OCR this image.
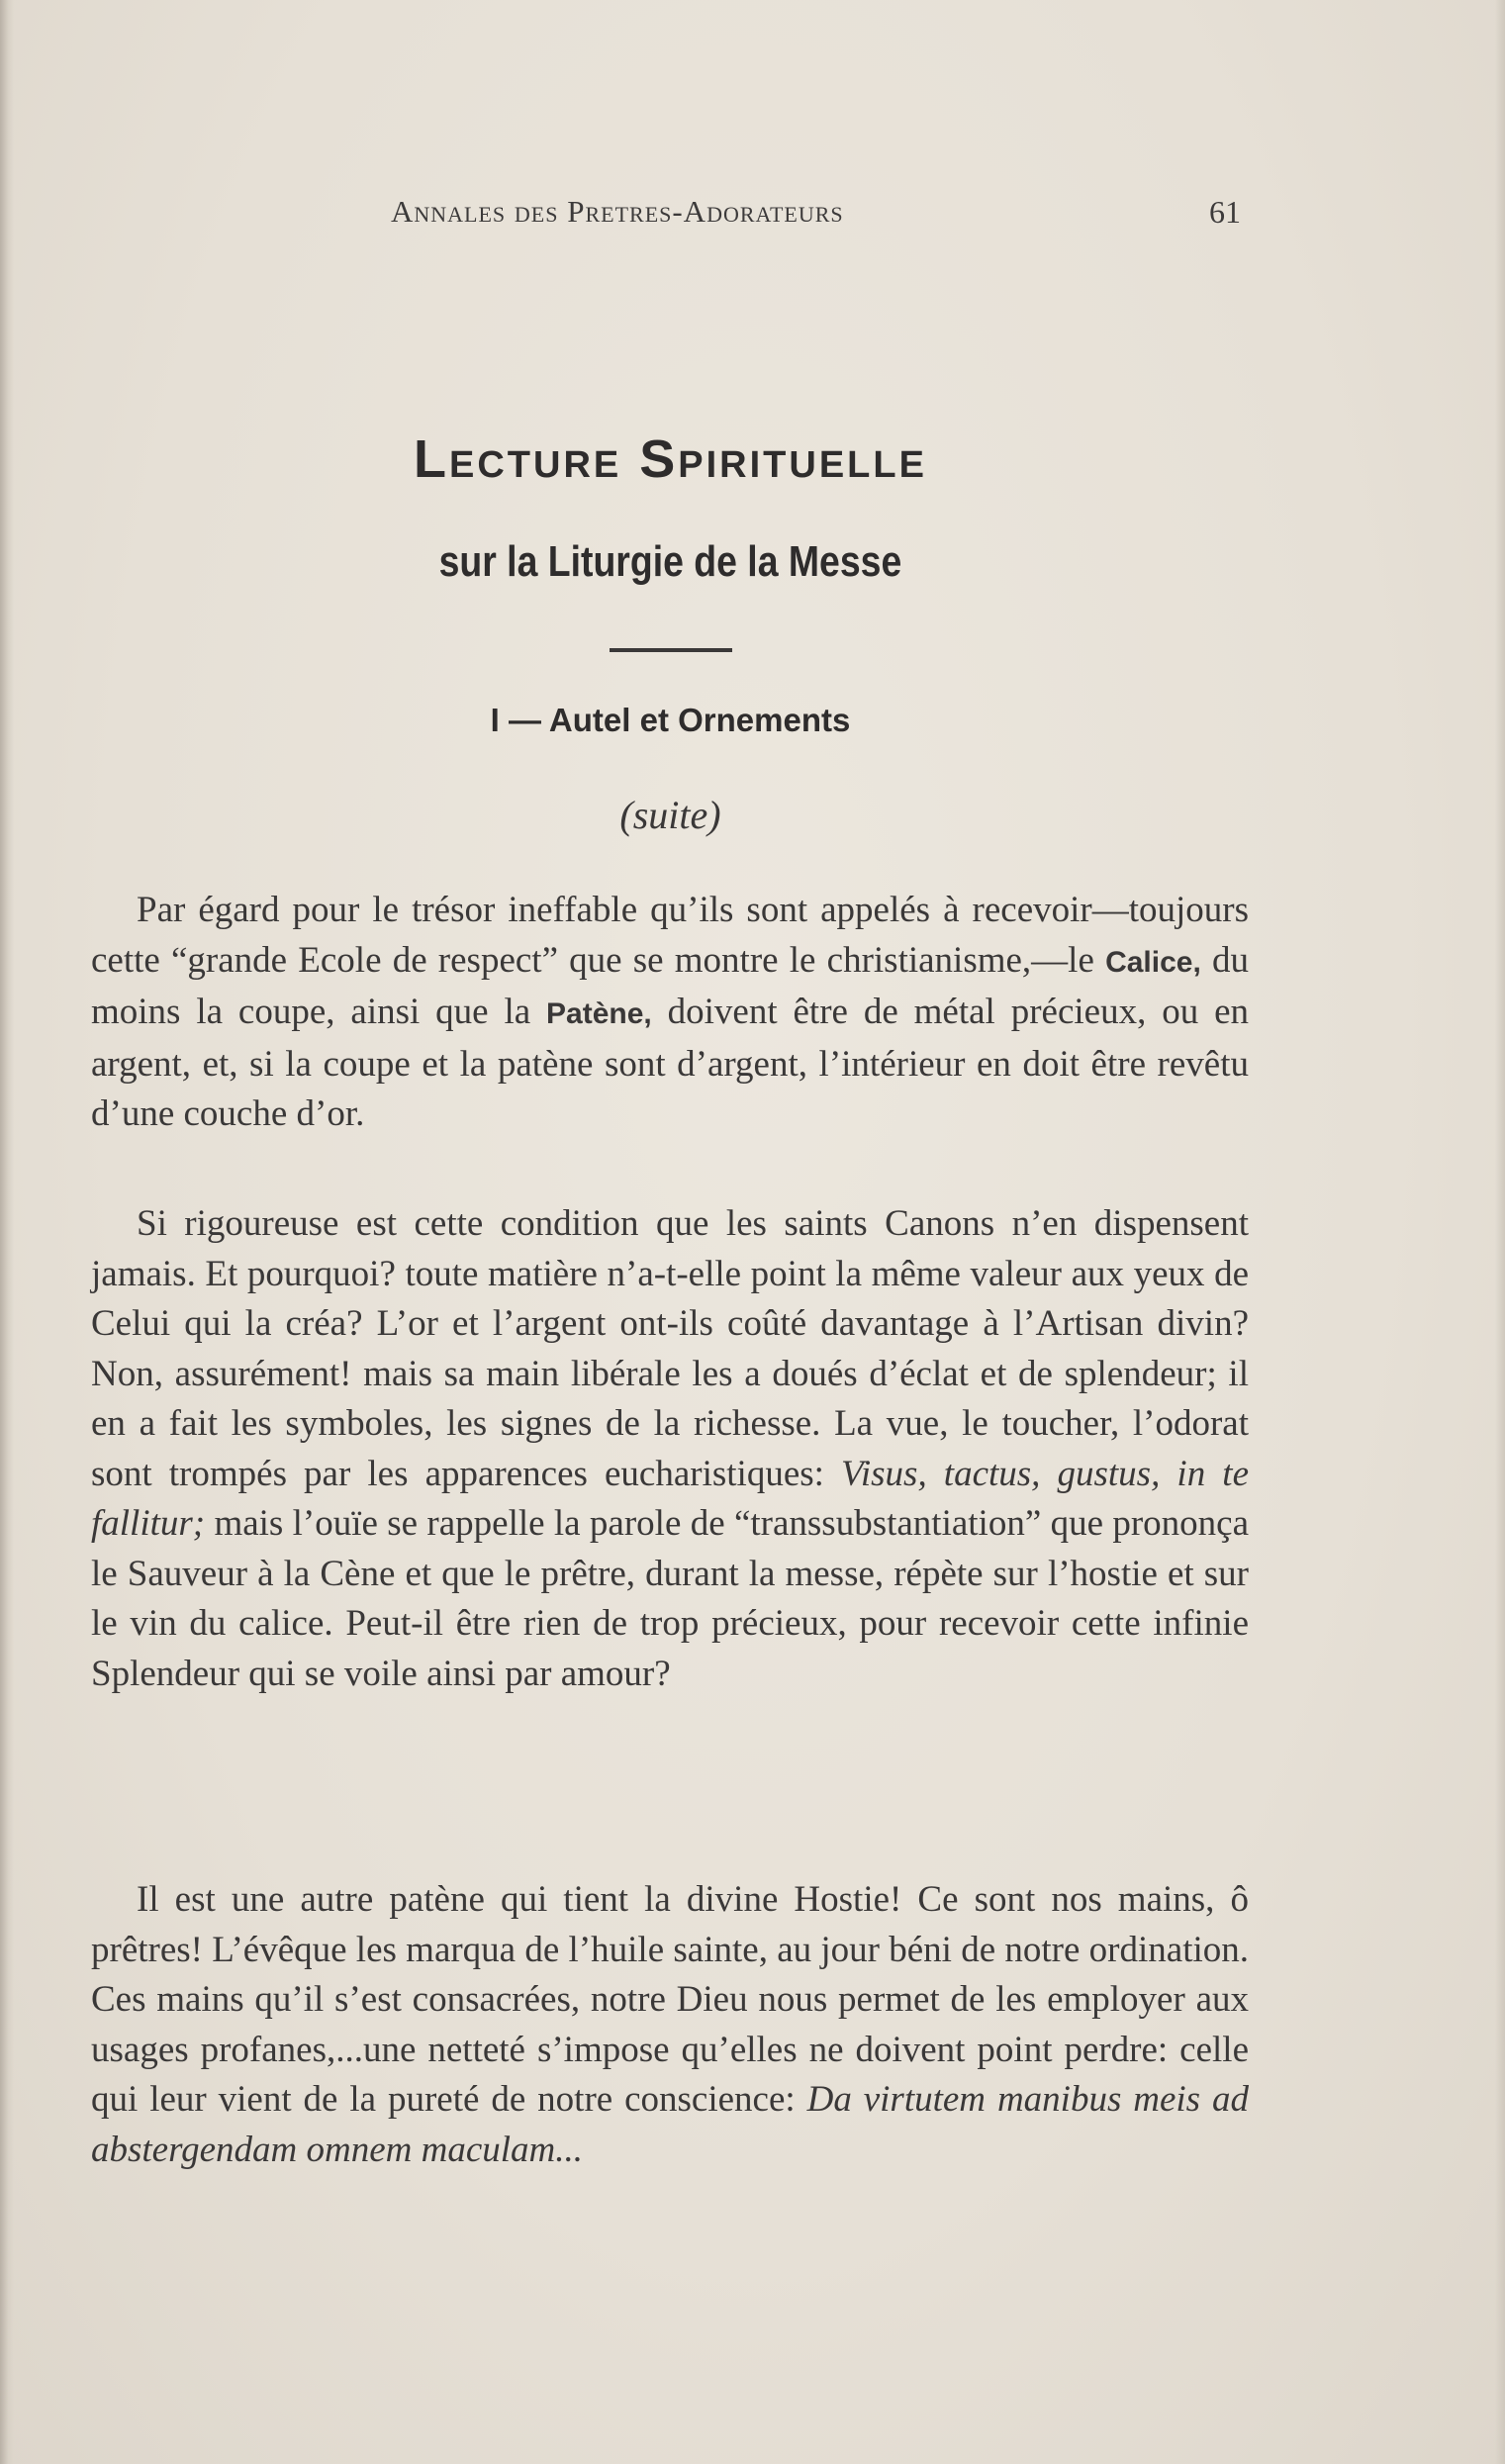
Annales des Pretres-Adorateurs	61
Lecture Spirituelle
sur la Liturgie de la Messe
I — Autel et Ornements
(suite)

Par égard pour le trésor ineffable qu’ils sont appelés à recevoir—toujours cette “grande Ecole de respect” que se montre le christianisme,—le Calice, du moins la coupe, ainsi que la Patène, doivent être de métal précieux, ou en argent, et, si la coupe et la patène sont d’argent, l’intérieur en doit être revêtu d’une couche d’or.

Si rigoureuse est cette condition que les saints Canons n’en dispensent jamais. Et pourquoi? toute matière n’a-t-elle point la même valeur aux yeux de Celui qui la créa? L’or et l’argent ont-ils coûté davantage à l’Artisan divin? Non, assurément! mais sa main libérale les a doués d’éclat et de splendeur; il en a fait les symboles, les signes de la richesse. La vue, le toucher, l’odorat sont trompés par les apparences eucharistiques: Visus, tactus, gustus, in te fallitur; mais l’ouïe se rappelle la parole de “transsubstantiation” que prononça le Sauveur à la Cène et que le prêtre, durant la messe, répète sur l’hostie et sur le vin du calice. Peut-il être rien de trop précieux, pour recevoir cette infinie Splendeur qui se voile ainsi par amour?

Il est une autre patène qui tient la divine Hostie! Ce sont nos mains, ô prêtres! L’évêque les marqua de l’huile sainte, au jour béni de notre ordination. Ces mains qu’il s’est consacrées, notre Dieu nous permet de les employer aux usages profanes,...une netteté s’impose qu’elles ne doivent point perdre: celle qui leur vient de la pureté de notre conscience: Da virtutem manibus meis ad abstergendam omnem maculam...
